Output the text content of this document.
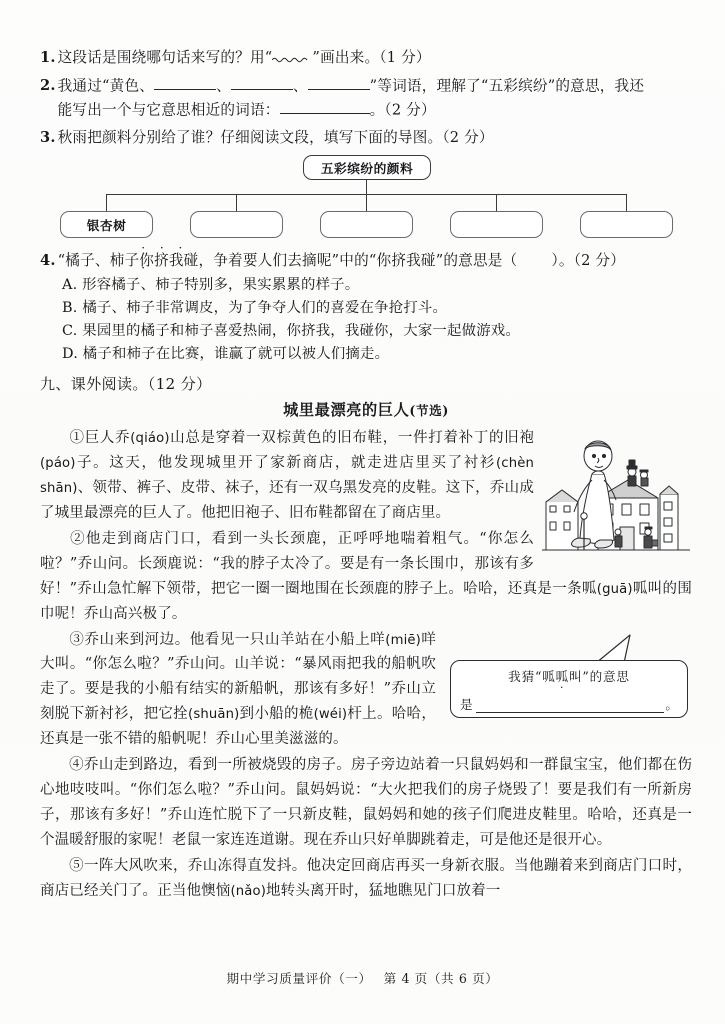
1. 这段话是围绕哪句话来写的？用“	”画出来。（1 分）
2. 我通过“黄色、	、	、	”等词语，理解了“五彩缤纷”的意思，我还
能写出一个与它意思相近的词语：	。（2 分）
3. 秋雨把颜料分别给了谁？仔细阅读文段，填写下面的导图。（2 分）
五彩缤纷的颜料
银杏树
4. “橘子、柿子你挤我碰 · · · ·，争着要人们去摘呢”中的“你挤我碰”的意思是（ ）。（2 分）
A. 形容橘子、柿子特别多，果实累累的样子。
B. 橘子、柿子非常调皮，为了争夺人们的喜爱在争抢打斗。
C. 果园里的橘子和柿子喜爱热闹，你挤我，我碰你，大家一起做游戏。
D. 橘子和柿子在比赛，谁赢了就可以被人们摘走。
九、课外阅读。（12 分）
城里最漂亮的巨人(节选)

①巨人乔(qiáo)山总是穿着一双棕黄色的旧布鞋，一件打着补丁的旧袍(páo)子。这天，他发现城里开了家新商店，就走进店里买了衬衫(chèn shān)、领带、裤子、皮带、袜子，还有一双乌黑发亮的皮鞋。这下，乔山成了城里最漂亮的巨人了。他把旧袍子、旧布鞋都留在了商店里。

②他走到商店门口，看到一头长颈鹿，正呼呼地喘着粗气。“你怎么啦？”乔山问。长颈鹿说：“我的脖子太冷了。要是有一条长围巾，那该有多好！”乔山急忙解下领带，把它一圈一圈地围在长颈鹿的脖子上。哈哈，还真是一条呱(guā)呱叫的围巾呢！乔山高兴极了。

我猜“呱呱叫 · · ·”的意思
是	。

③乔山来到河边。他看见一只山羊站在小船上咩(miē)咩大叫。“你怎么啦？”乔山问。山羊说：“暴风雨把我的船帆吹走了。要是我的小船有结实的新船帆，那该有多好！”乔山立刻脱下新衬衫，把它拴(shuān)到小船的桅(wéi)杆上。哈哈，还真是一张不错的船帆呢！乔山心里美滋滋的。

④乔山走到路边，看到一所被烧毁的房子。房子旁边站着一只鼠妈妈和一群鼠宝宝，他们都在伤心地吱吱叫。“你们怎么啦？”乔山问。鼠妈妈说：“大火把我们的房子烧毁了！要是我们有一所新房子，那该有多好！”乔山连忙脱下了一只新皮鞋，鼠妈妈和她的孩子们爬进皮鞋里。哈哈，还真是一个温暖舒服的家呢！老鼠一家连连道谢。现在乔山只好单脚跳着走，可是他还是很开心。

⑤一阵大风吹来，乔山冻得直发抖。他决定回商店再买一身新衣服。当他蹦着来到商店门口时，商店已经关门了。正当他懊恼(nǎo)地转头离开时，猛地瞧见门口放着一

期中学习质量评价（一） 第 4 页（共 6 页）
